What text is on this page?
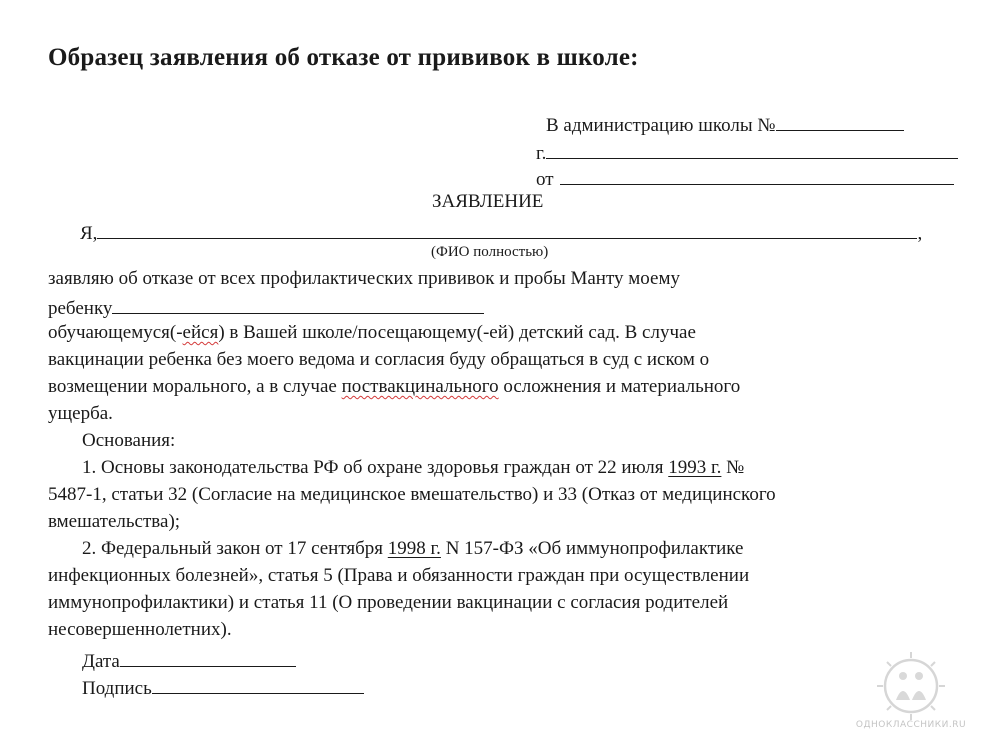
Образец заявления об отказе от прививок в школе:
В администрацию школы №
г.
от
ЗАЯВЛЕНИЕ
Я,	,
(ФИО полностью)
заявляю об отказе от всех профилактических прививок и пробы Манту моему
ребенку
обучающемуся(-ейся) в Вашей школе/посещающему(-ей) детский сад. В случае
вакцинации ребенка без моего ведома и согласия буду обращаться в суд с иском о
возмещении морального, а в случае поствакцинального осложнения и материального
ущерба.
Основания:
1. Основы законодательства РФ об охране здоровья граждан от 22 июля 1993 г. №
5487-1, статьи 32 (Согласие на медицинское вмешательство) и 33 (Отказ от медицинского
вмешательства);
2. Федеральный закон от 17 сентября 1998 г. N 157-ФЗ «Об иммунопрофилактике
инфекционных болезней», статья 5 (Права и обязанности граждан при осуществлении
иммунопрофилактики) и статья 11 (О проведении вакцинации с согласия родителей
несовершеннолетних).
Дата
Подпись
ОДНОКЛАССНИКИ.RU
